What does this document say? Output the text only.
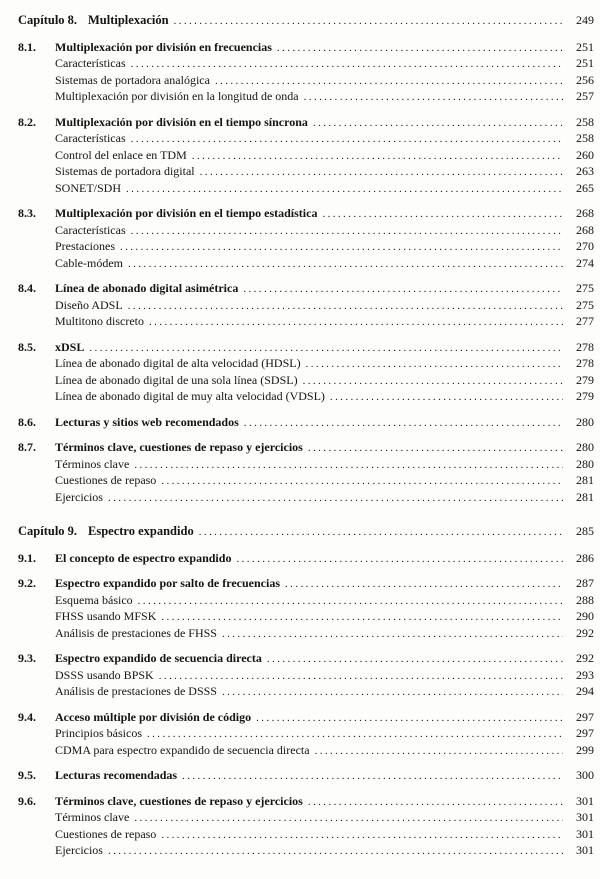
Capítulo 8. Multiplexación .....	249
8.1.	Multiplexación por división en frecuencias .....	251
Características .....	251
Sistemas de portadora analógica .....	256
Multiplexación por división en la longitud de onda .....	257
8.2.	Multiplexación por división en el tiempo síncrona .....	258
Características .....	258
Control del enlace en TDM .....	260
Sistemas de portadora digital .....	263
SONET/SDH .....	265
8.3.	Multiplexación por división en el tiempo estadística .....	268
Características .....	268
Prestaciones .....	270
Cable-módem .....	274
8.4.	Línea de abonado digital asimétrica .....	275
Diseño ADSL .....	275
Multitono discreto .....	277
8.5.	xDSL .....	278
Línea de abonado digital de alta velocidad (HDSL) .....	278
Línea de abonado digital de una sola línea (SDSL) .....	279
Línea de abonado digital de muy alta velocidad (VDSL) .....	279
8.6.	Lecturas y sitios web recomendados .....	280
8.7.	Términos clave, cuestiones de repaso y ejercicios .....	280
Términos clave .....	280
Cuestiones de repaso .....	281
Ejercicios .....	281
Capítulo 9. Espectro expandido .....	285
9.1.	El concepto de espectro expandido .....	286
9.2.	Espectro expandido por salto de frecuencias .....	287
Esquema básico .....	288
FHSS usando MFSK .....	290
Análisis de prestaciones de FHSS .....	292
9.3.	Espectro expandido de secuencia directa .....	292
DSSS usando BPSK .....	293
Análisis de prestaciones de DSSS .....	294
9.4.	Acceso múltiple por división de código .....	297
Principios básicos .....	297
CDMA para espectro expandido de secuencia directa .....	299
9.5.	Lecturas recomendadas .....	300
9.6.	Términos clave, cuestiones de repaso y ejercicios .....	301
Términos clave .....	301
Cuestiones de repaso .....	301
Ejercicios .....	301
